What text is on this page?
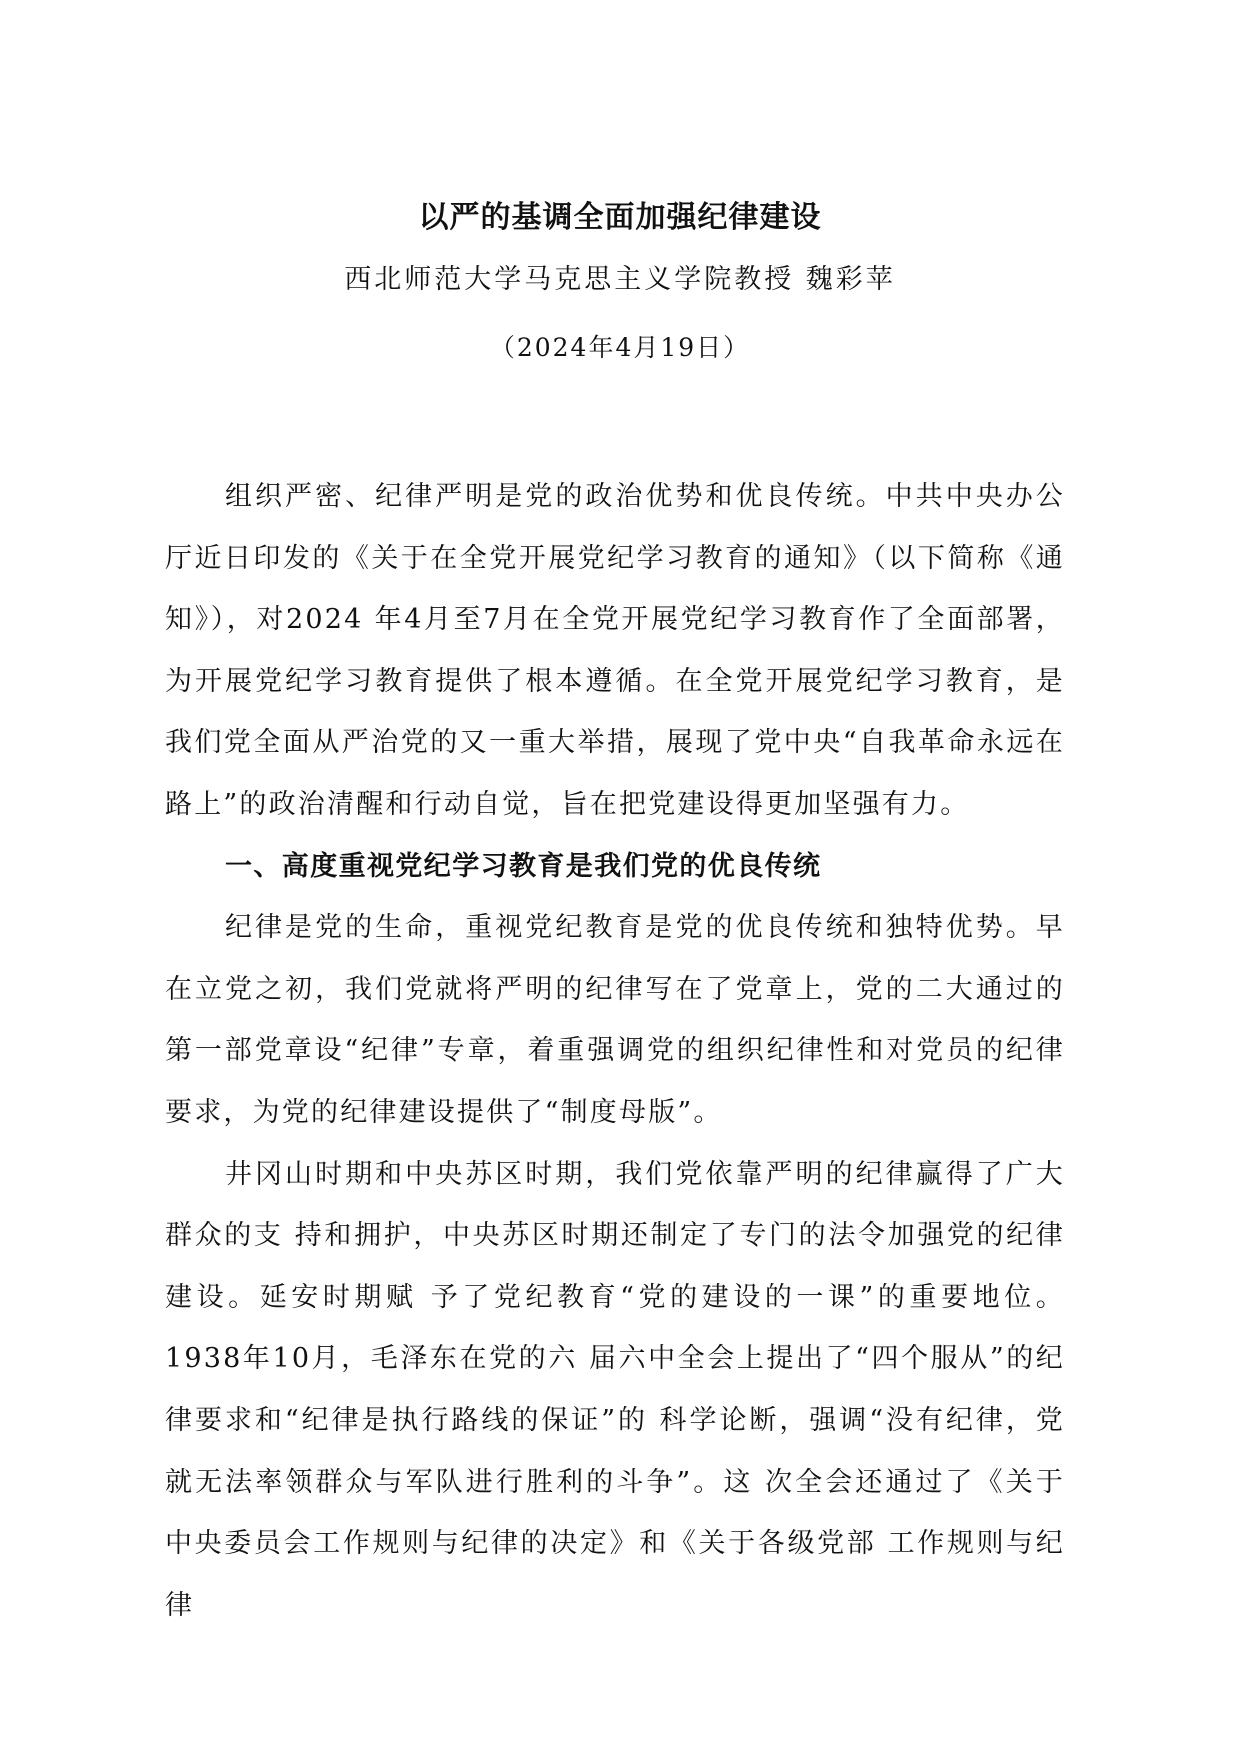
以严的基调全面加强纪律建设
西北师范大学马克思主义学院教授 魏彩苹
（2024年4月19日）

组织严密、纪律严明是党的政治优势和优良传统。中共中央办公厅近日印发的《关于在全党开展党纪学习教育的通知》（以下简称《通知》），对2024 年4月至7月在全党开展党纪学习教育作了全面部署，为开展党纪学习教育提供了根本遵循。在全党开展党纪学习教育，是我们党全面从严治党的又一重大举措，展现了党中央“自我革命永远在路上”的政治清醒和行动自觉，旨在把党建设得更加坚强有力。

一、高度重视党纪学习教育是我们党的优良传统

纪律是党的生命，重视党纪教育是党的优良传统和独特优势。早在立党之初，我们党就将严明的纪律写在了党章上，党的二大通过的第一部党章设“纪律”专章，着重强调党的组织纪律性和对党员的纪律要求，为党的纪律建设提供了“制度母版”。

井冈山时期和中央苏区时期，我们党依靠严明的纪律赢得了广大群众的支 持和拥护，中央苏区时期还制定了专门的法令加强党的纪律建设。延安时期赋 予了党纪教育“党的建设的一课”的重要地位。1938年10月，毛泽东在党的六 届六中全会上提出了“四个服从”的纪律要求和“纪律是执行路线的保证”的 科学论断，强调“没有纪律，党就无法率领群众与军队进行胜利的斗争”。这 次全会还通过了《关于中央委员会工作规则与纪律的决定》和《关于各级党部 工作规则与纪律
